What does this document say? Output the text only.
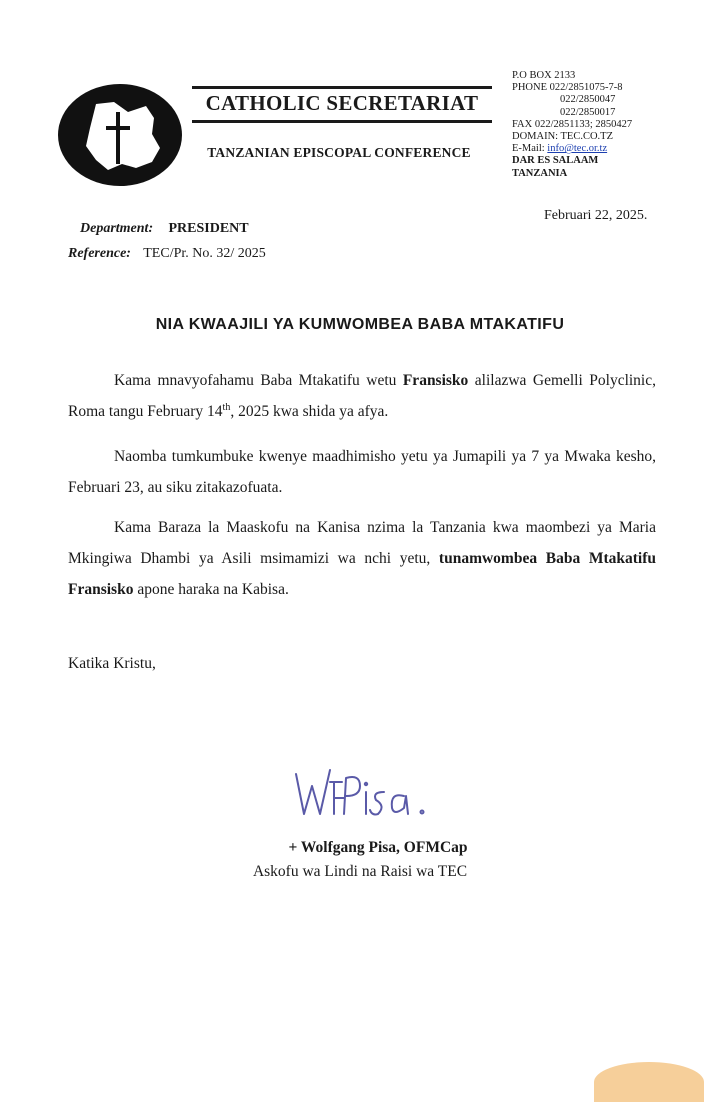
CATHOLIC SECRETARIAT
TANZANIAN EPISCOPAL CONFERENCE
P.O BOX 2133
PHONE 022/2851075-7-8
022/2850047
022/2850017
FAX 022/2851133; 2850427
DOMAIN: TEC.CO.TZ
E-Mail: info@tec.or.tz
DAR ES SALAAM
TANZANIA
Februari 22, 2025.
Department: PRESIDENT
Reference: TEC/Pr. No. 32/ 2025
NIA KWAAJILI YA KUMWOMBEA BABA MTAKATIFU
Kama mnavyofahamu Baba Mtakatifu wetu Fransisko alilazwa Gemelli Polyclinic, Roma tangu February 14th, 2025 kwa shida ya afya.
Naomba tumkumbuke kwenye maadhimisho yetu ya Jumapili ya 7 ya Mwaka kesho, Februari 23, au siku zitakazofuata.
Kama Baraza la Maaskofu na Kanisa nzima la Tanzania kwa maombezi ya Maria Mkingiwa Dhambi ya Asili msimamizi wa nchi yetu, tunamwombea Baba Mtakatifu Fransisko apone haraka na Kabisa.
Katika Kristu,
+ Wolfgang Pisa, OFMCap
Askofu wa Lindi na Raisi wa TEC
